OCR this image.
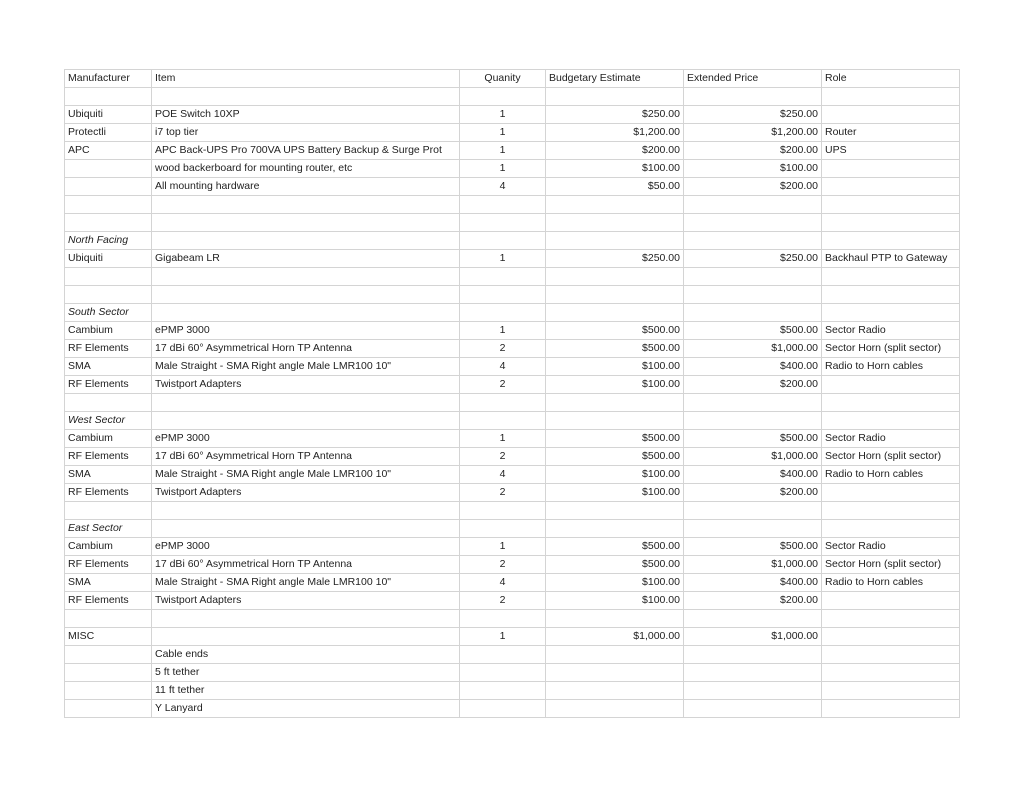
Manufacturer	Item	Quanity	Budgetary Estimate	Extended Price	Role

Ubiquiti	POE Switch 10XP	1	$250.00	$250.00	
Protectli	i7 top tier	1	$1,200.00	$1,200.00	Router
APC	APC Back-UPS Pro 700VA UPS Battery Backup & Surge Prot	1	$200.00	$200.00	UPS
	wood backerboard for mounting router, etc	1	$100.00	$100.00	
	All mounting hardware	4	$50.00	$200.00	

North Facing					
Ubiquiti	Gigabeam LR	1	$250.00	$250.00	Backhaul PTP to Gateway

South Sector					
Cambium	ePMP 3000	1	$500.00	$500.00	Sector Radio
RF Elements	17 dBi 60° Asymmetrical Horn TP Antenna	2	$500.00	$1,000.00	Sector Horn (split sector)
SMA	Male Straight - SMA Right angle Male LMR100 10"	4	$100.00	$400.00	Radio to Horn cables
RF Elements	Twistport Adapters	2	$100.00	$200.00	

West Sector					
Cambium	ePMP 3000	1	$500.00	$500.00	Sector Radio
RF Elements	17 dBi 60° Asymmetrical Horn TP Antenna	2	$500.00	$1,000.00	Sector Horn (split sector)
SMA	Male Straight - SMA Right angle Male LMR100 10"	4	$100.00	$400.00	Radio to Horn cables
RF Elements	Twistport Adapters	2	$100.00	$200.00	

East Sector					
Cambium	ePMP 3000	1	$500.00	$500.00	Sector Radio
RF Elements	17 dBi 60° Asymmetrical Horn TP Antenna	2	$500.00	$1,000.00	Sector Horn (split sector)
SMA	Male Straight - SMA Right angle Male LMR100 10"	4	$100.00	$400.00	Radio to Horn cables
RF Elements	Twistport Adapters	2	$100.00	$200.00	

MISC		1	$1,000.00	$1,000.00	
	Cable ends				
	5 ft tether				
	11 ft tether				
	Y Lanyard				
